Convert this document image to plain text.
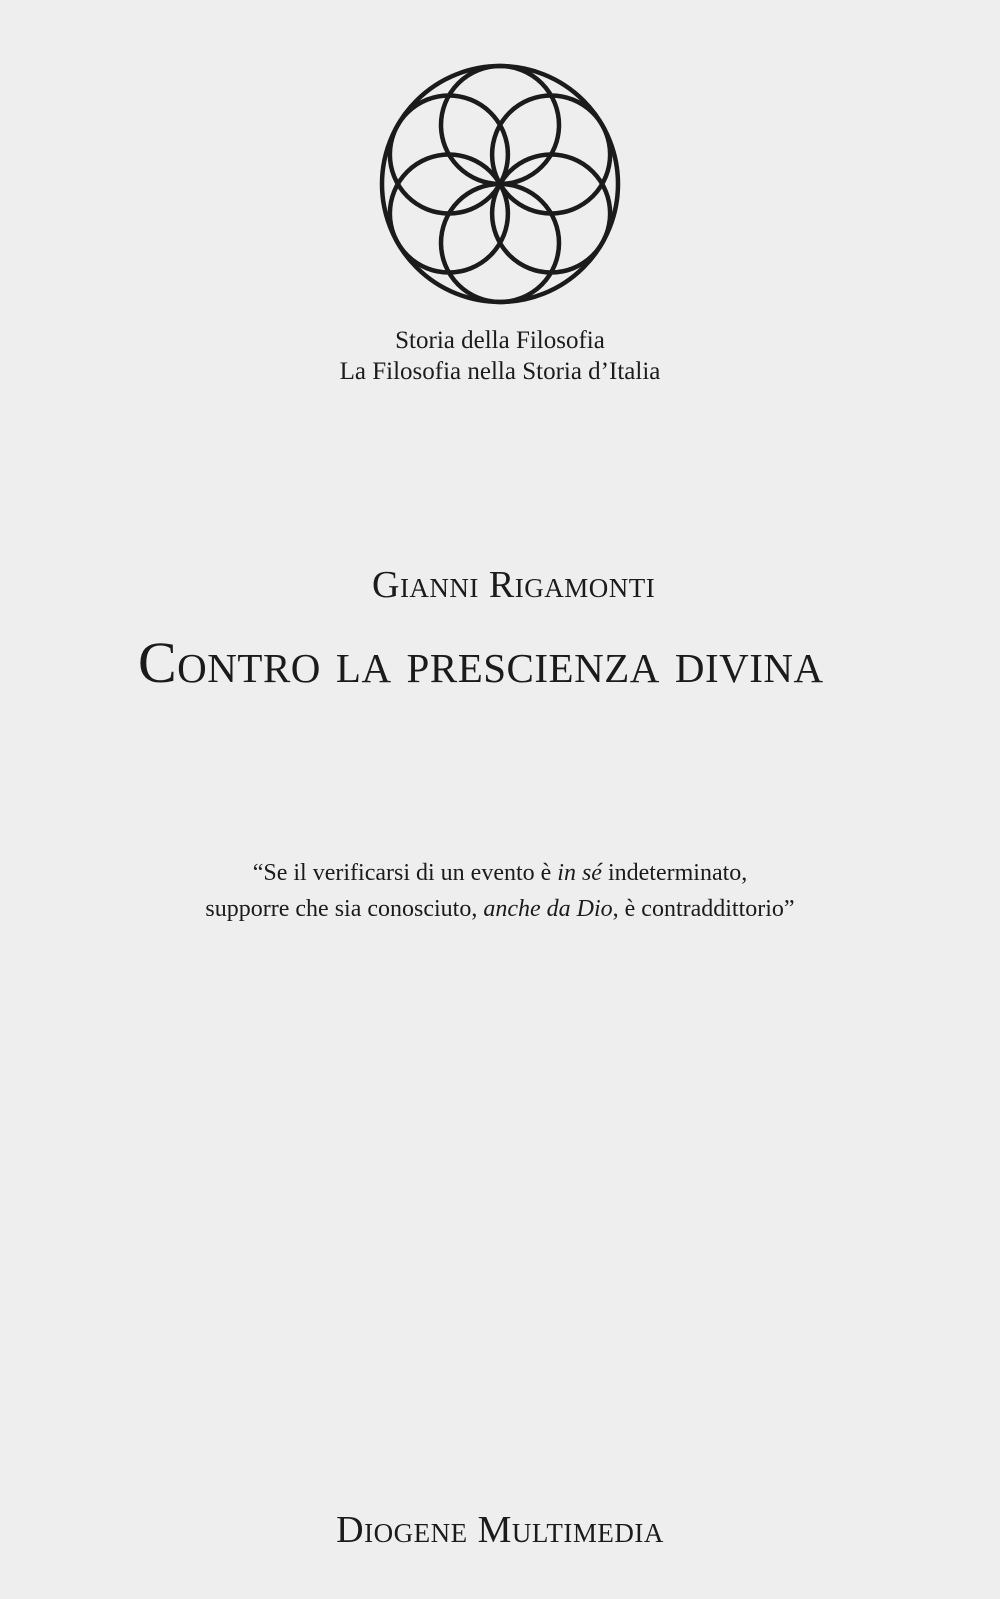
Storia della Filosofia
La Filosofia nella Storia d’Italia
Gianni Rigamonti
Contro la prescienza divina
“Se il verificarsi di un evento è in sé indeterminato,
supporre che sia conosciuto, anche da Dio, è contraddittorio”
Diogene Multimedia
